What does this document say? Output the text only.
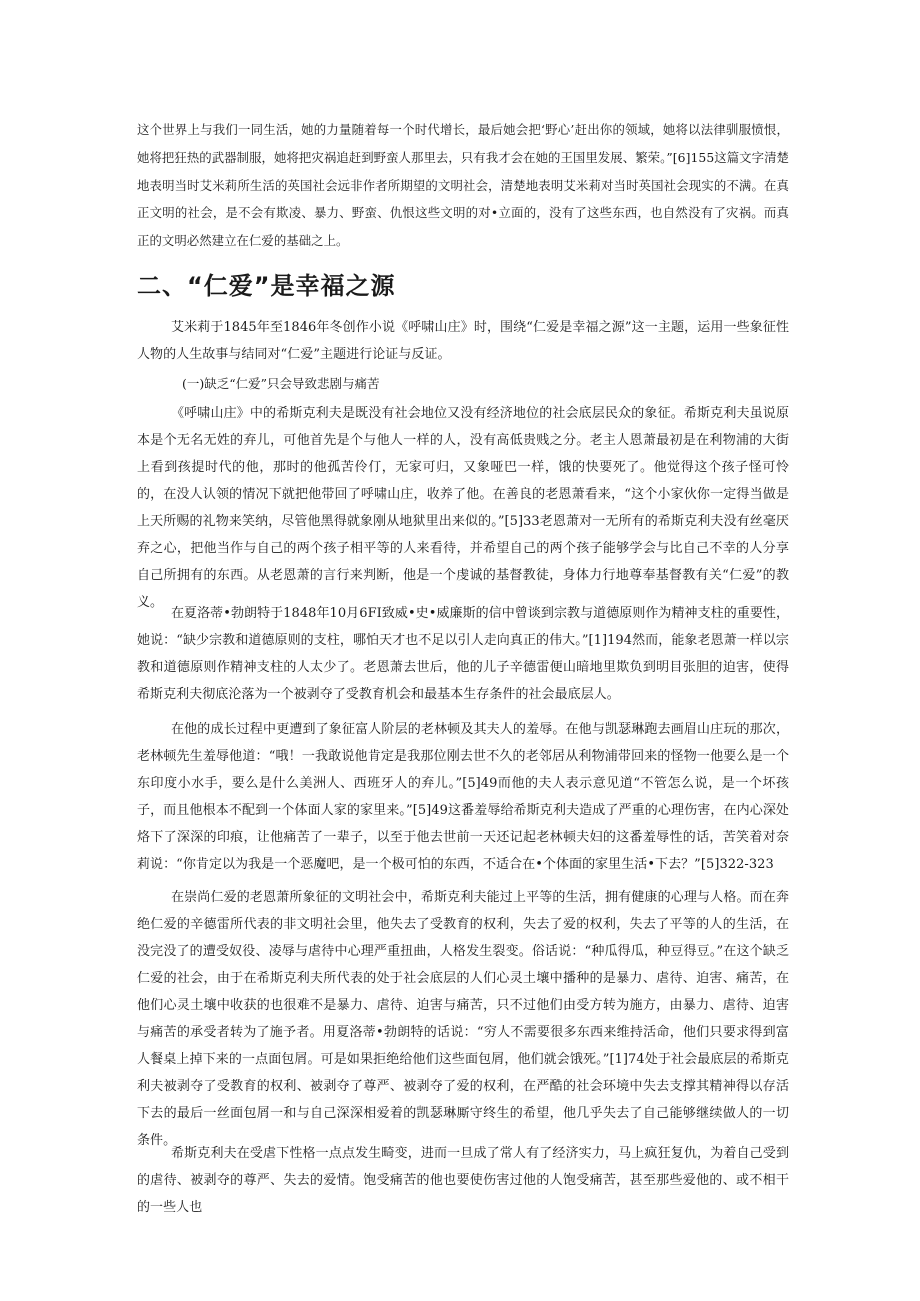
这个世界上与我们一同生活，她的力量随着每一个时代增长，最后她会把‘野心’赶出你的领域，她将以法律驯服愤恨，她将把狂热的武器制服，她将把灾祸追赶到野蛮人那里去，只有我才会在她的王国里发展、繁荣。”[6]155这篇文字清楚地表明当时艾米莉所生活的英国社会远非作者所期望的文明社会，清楚地表明艾米莉对当时英国社会现实的不满。在真正文明的社会，是不会有欺凌、暴力、野蛮、仇恨这些文明的对•立面的，没有了这些东西，也自然没有了灾祸。而真正的文明必然建立在仁爱的基础之上。

二、“仁爱”是幸福之源

艾米莉于1845年至1846年冬创作小说《呼啸山庄》时，围绕“仁爱是幸福之源”这一主题，运用一些象征性人物的人生故事与结同对“仁爱”主题进行论证与反证。

(一)缺乏“仁爱”只会导致悲剧与痛苦

《呼啸山庄》中的希斯克利夫是既没有社会地位又没有经济地位的社会底层民众的象征。希斯克利夫虽说原本是个无名无姓的弃儿，可他首先是个与他人一样的人，没有高低贵贱之分。老主人恩萧最初是在利物浦的大街上看到孩提时代的他，那时的他孤苦伶仃，无家可归，又象哑巴一样，饿的快要死了。他觉得这个孩子怪可怜的，在没人认领的情况下就把他带回了呼啸山庄，收养了他。在善良的老恩萧看来，“这个小家伙你一定得当做是上天所赐的礼物来笑纳，尽管他黑得就象刚从地狱里出来似的。”[5]33老恩萧对一无所有的希斯克利夫没有丝毫厌弃之心，把他当作与自己的两个孩子相平等的人来看待，并希望自己的两个孩子能够学会与比自己不幸的人分享自己所拥有的东西。从老恩萧的言行来判断，他是一个虔诚的基督教徒，身体力行地尊奉基督教有关“仁爱”的教义。

在夏洛蒂•勃朗特于1848年10月6FI致威•史•威廉斯的信中曾谈到宗教与道德原则作为精神支柱的重要性，她说：“缺少宗教和道德原则的支柱，哪怕天才也不足以引人走向真正的伟大。”[1]194然而，能象老恩萧一样以宗教和道德原则作精神支柱的人太少了。老恩萧去世后，他的儿子辛德雷便山暗地里欺负到明目张胆的迫害，使得希斯克利夫彻底沦落为一个被剥夺了受教育机会和最基本生存条件的社会最底层人。

在他的成长过程中更遭到了象征富人阶层的老林顿及其夫人的羞辱。在他与凯瑟琳跑去画眉山庄玩的那次，老林顿先生羞辱他道：“哦！一我敢说他肯定是我那位刚去世不久的老邻居从利物浦带回来的怪物一他要么是一个东印度小水手，要么是什么美洲人、西班牙人的弃儿。”[5]49而他的夫人表示意见道“不管怎么说，是一个坏孩子，而且他根本不配到一个体面人家的家里来。”[5]49这番羞辱给希斯克利夫造成了严重的心理伤害，在内心深处烙下了深深的印痕，让他痛苦了一辈子，以至于他去世前一天还记起老林顿夫妇的这番羞辱性的话，苦笑着对奈莉说：“你肯定以为我是一个恶魔吧，是一个极可怕的东西，不适合在•个体面的家里生活•下去？”[5]322-323

在崇尚仁爱的老恩萧所象征的文明社会中，希斯克利夫能过上平等的生活，拥有健康的心理与人格。而在奔绝仁爱的辛德雷所代表的非文明社会里，他失去了受教育的权利，失去了爱的权利，失去了平等的人的生活，在没完没了的遭受奴役、凌辱与虐待中心理严重扭曲，人格发生裂变。俗话说：“种瓜得瓜，种豆得豆。”在这个缺乏仁爱的社会，由于在希斯克利夫所代表的处于社会底层的人们心灵土壤中播种的是暴力、虐待、迫害、痛苦，在他们心灵土壤中收获的也很难不是暴力、虐待、迫害与痛苦，只不过他们由受方转为施方，由暴力、虐待、迫害与痛苦的承受者转为了施予者。用夏洛蒂•勃朗特的话说：“穷人不需要很多东西来维持活命，他们只要求得到富人餐桌上掉下来的一点面包屑。可是如果拒绝给他们这些面包屑，他们就会饿死。”[1]74处于社会最底层的希斯克利夫被剥夺了受教育的权利、被剥夺了尊严、被剥夺了爱的权利，在严酷的社会环境中失去支撑其精神得以存活下去的最后一丝面包屑一和与自己深深相爱着的凯瑟琳厮守终生的希望，他几乎失去了自己能够继续做人的一切条件。

希斯克利夫在受虐下性格一点点发生畸变，进而一旦成了常人有了经济实力，马上疯狂复仇，为着自己受到的虐待、被剥夺的尊严、失去的爱情。饱受痛苦的他也要使伤害过他的人饱受痛苦，甚至那些爱他的、或不相干的一些人也
